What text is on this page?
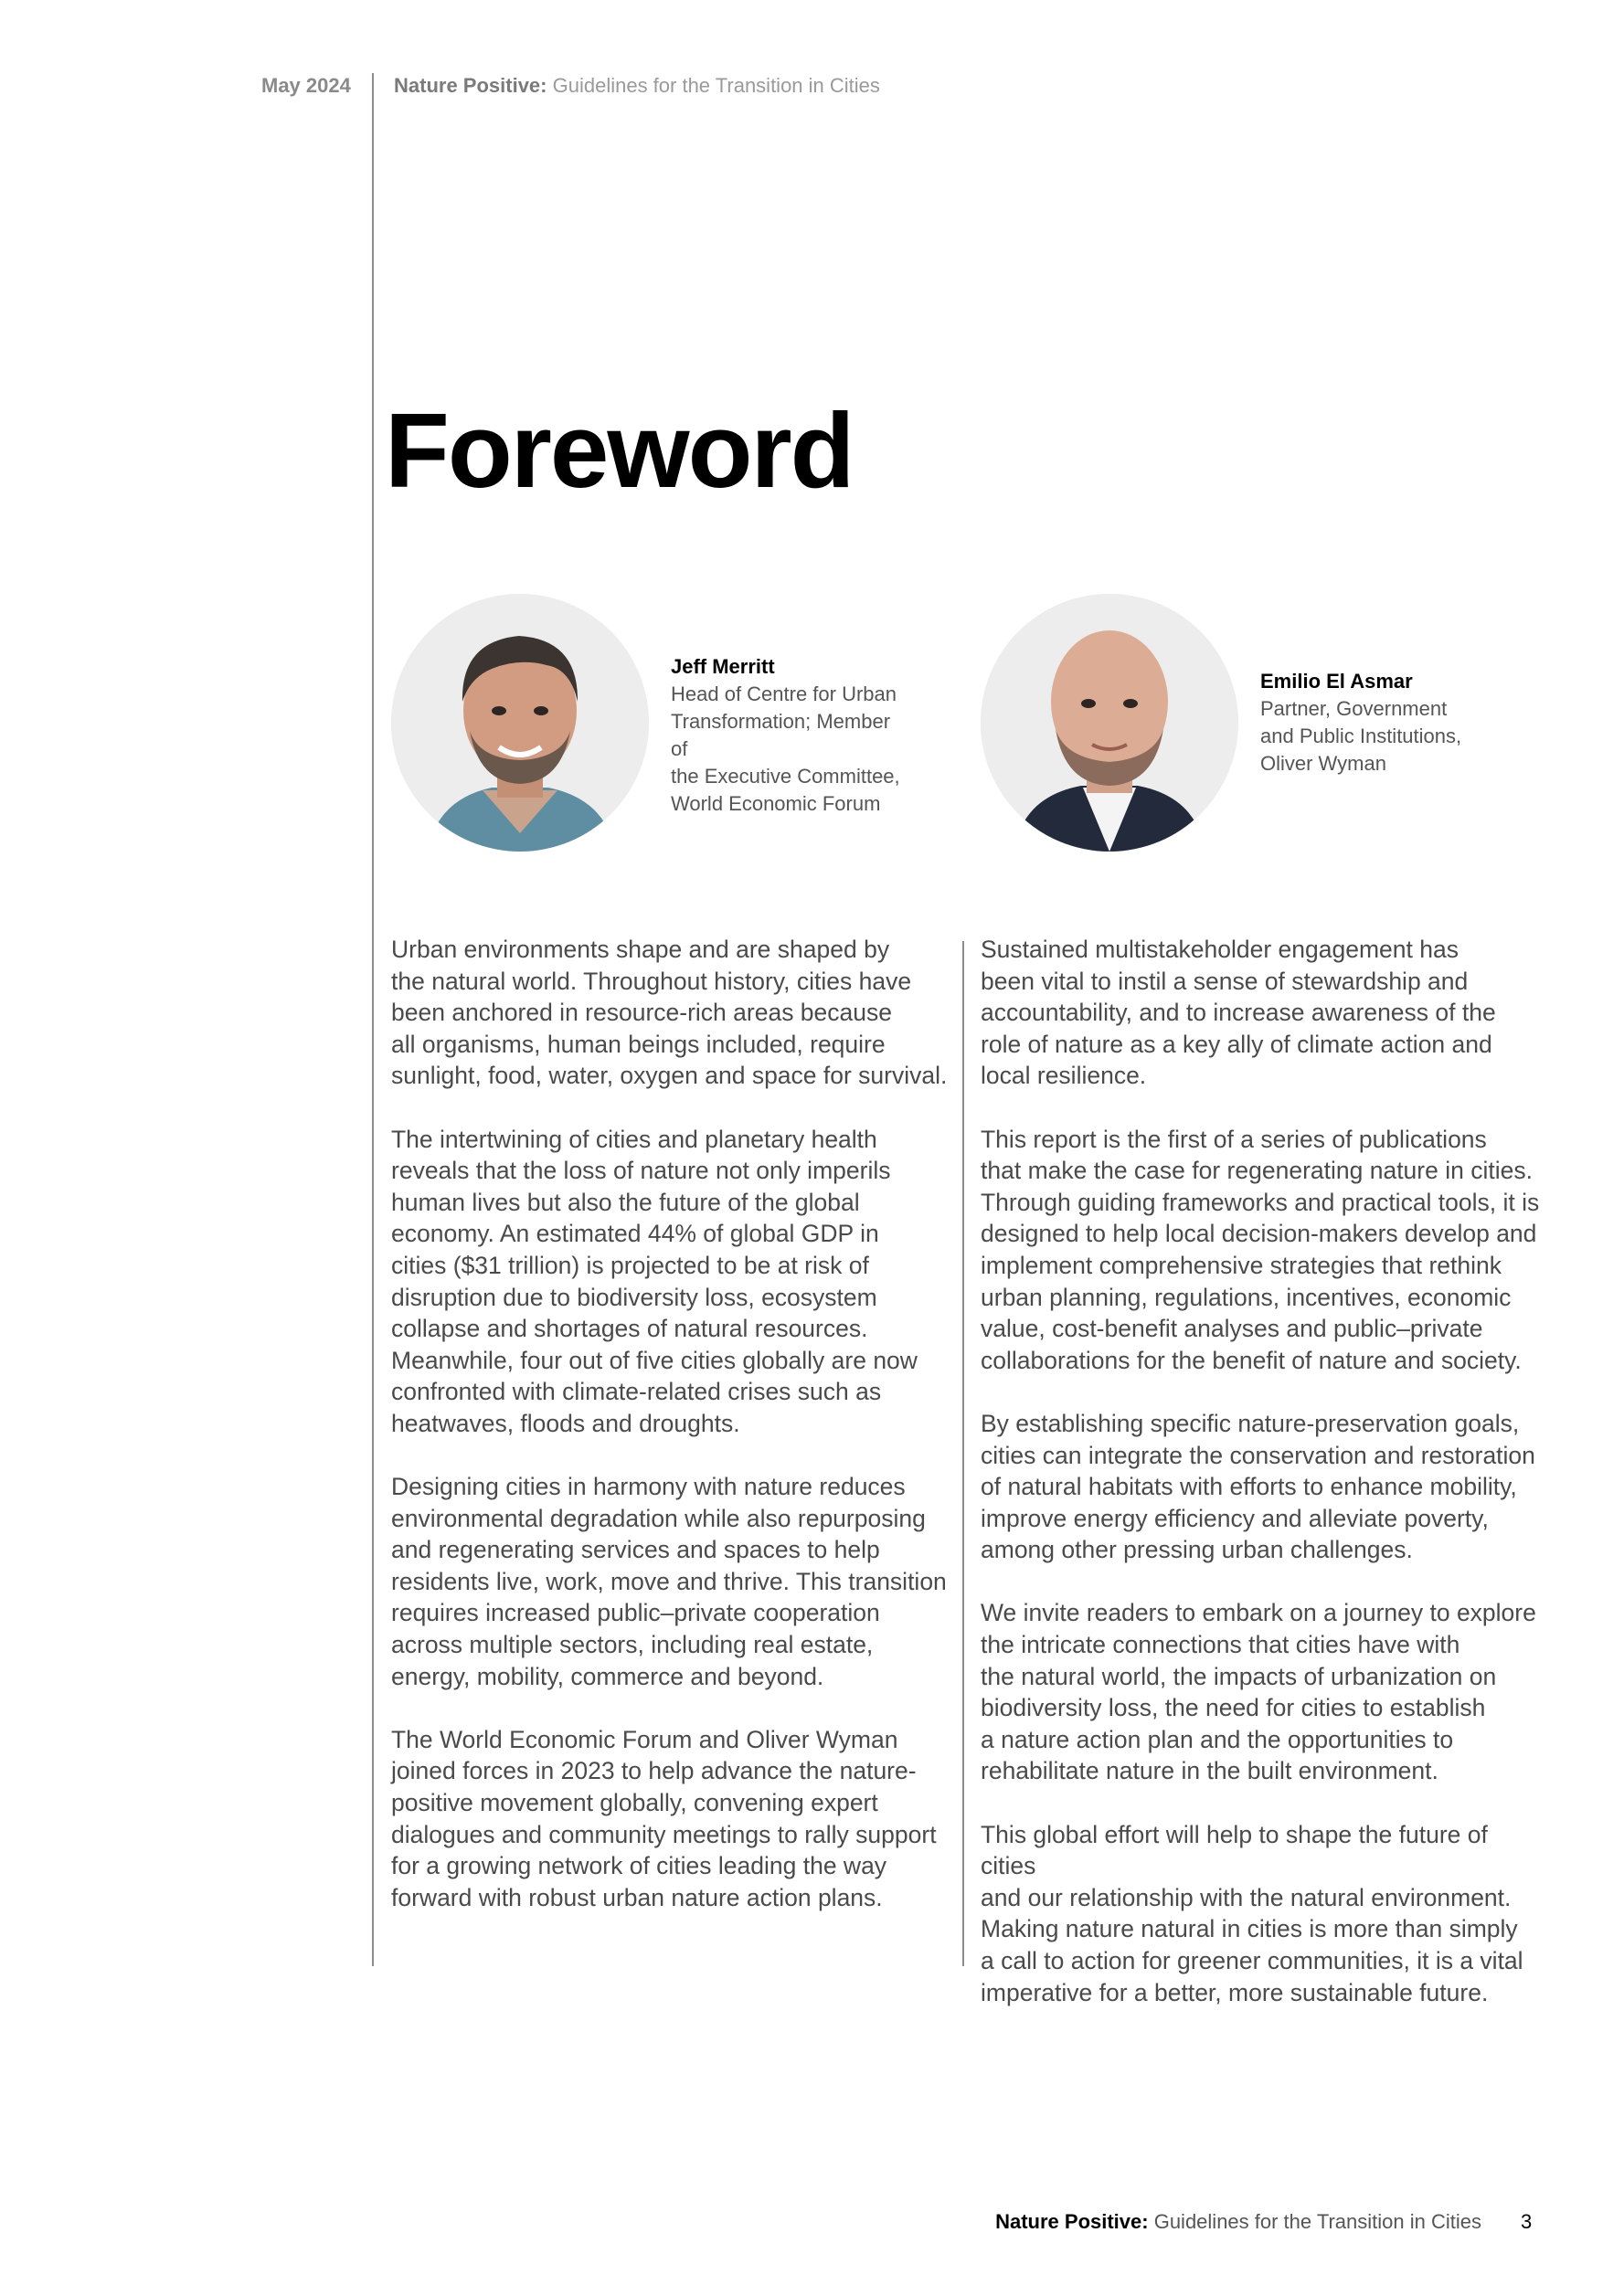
May 2024 Nature Positive: Guidelines for the Transition in Cities
Foreword
Jeff Merritt
Head of Centre for Urban
Transformation; Member of
the Executive Committee,
World Economic Forum
Emilio El Asmar
Partner, Government
and Public Institutions,
Oliver Wyman

Urban environments shape and are shaped by
the natural world. Throughout history, cities have
been anchored in resource-rich areas because
all organisms, human beings included, require
sunlight, food, water, oxygen and space for survival.

The intertwining of cities and planetary health
reveals that the loss of nature not only imperils
human lives but also the future of the global
economy. An estimated 44% of global GDP in
cities ($31 trillion) is projected to be at risk of
disruption due to biodiversity loss, ecosystem
collapse and shortages of natural resources.
Meanwhile, four out of five cities globally are now
confronted with climate-related crises such as
heatwaves, floods and droughts.

Designing cities in harmony with nature reduces
environmental degradation while also repurposing
and regenerating services and spaces to help
residents live, work, move and thrive. This transition
requires increased public–private cooperation
across multiple sectors, including real estate,
energy, mobility, commerce and beyond.

The World Economic Forum and Oliver Wyman
joined forces in 2023 to help advance the nature-
positive movement globally, convening expert
dialogues and community meetings to rally support
for a growing network of cities leading the way
forward with robust urban nature action plans.

Sustained multistakeholder engagement has
been vital to instil a sense of stewardship and
accountability, and to increase awareness of the
role of nature as a key ally of climate action and
local resilience.

This report is the first of a series of publications
that make the case for regenerating nature in cities.
Through guiding frameworks and practical tools, it is
designed to help local decision-makers develop and
implement comprehensive strategies that rethink
urban planning, regulations, incentives, economic
value, cost-benefit analyses and public–private
collaborations for the benefit of nature and society.

By establishing specific nature-preservation goals,
cities can integrate the conservation and restoration
of natural habitats with efforts to enhance mobility,
improve energy efficiency and alleviate poverty,
among other pressing urban challenges.

We invite readers to embark on a journey to explore
the intricate connections that cities have with
the natural world, the impacts of urbanization on
biodiversity loss, the need for cities to establish
a nature action plan and the opportunities to
rehabilitate nature in the built environment.

This global effort will help to shape the future of cities
and our relationship with the natural environment.
Making nature natural in cities is more than simply
a call to action for greener communities, it is a vital
imperative for a better, more sustainable future.

Nature Positive: Guidelines for the Transition in Cities 3
